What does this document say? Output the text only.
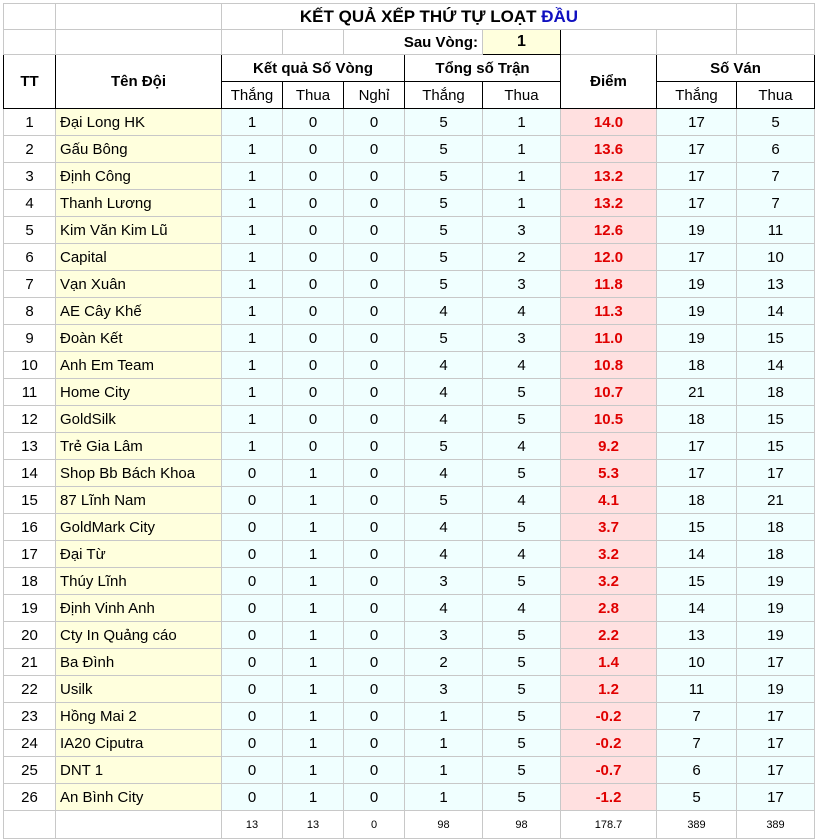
		KẾT QUẢ XẾP THỨ TỰ LOẠT ĐẦU							
				Sau Vòng:		1			
TT	Tên Đội	Kết quả Số Vòng			Tổng số Trận		Điểm	Số Ván	
		Thắng	Thua	Nghỉ	Thắng	Thua		Thắng	Thua
1	Đại Long HK	1	0	0	5	1	14.0	17	5
2	Gấu Bông	1	0	0	5	1	13.6	17	6
3	Định Công	1	0	0	5	1	13.2	17	7
4	Thanh Lương	1	0	0	5	1	13.2	17	7
5	Kim Văn Kim Lũ	1	0	0	5	3	12.6	19	11
6	Capital	1	0	0	5	2	12.0	17	10
7	Vạn Xuân	1	0	0	5	3	11.8	19	13
8	AE Cây Khế	1	0	0	4	4	11.3	19	14
9	Đoàn Kết	1	0	0	5	3	11.0	19	15
10	Anh Em Team	1	0	0	4	4	10.8	18	14
11	Home City	1	0	0	4	5	10.7	21	18
12	GoldSilk	1	0	0	4	5	10.5	18	15
13	Trẻ Gia Lâm	1	0	0	5	4	9.2	17	15
14	Shop Bb Bách Khoa	0	1	0	4	5	5.3	17	17
15	87 Lĩnh Nam	0	1	0	5	4	4.1	18	21
16	GoldMark City	0	1	0	4	5	3.7	15	18
17	Đại Từ	0	1	0	4	4	3.2	14	18
18	Thúy Lĩnh	0	1	0	3	5	3.2	15	19
19	Định Vinh Anh	0	1	0	4	4	2.8	14	19
20	Cty In Quảng cáo	0	1	0	3	5	2.2	13	19
21	Ba Đình	0	1	0	2	5	1.4	10	17
22	Usilk	0	1	0	3	5	1.2	11	19
23	Hồng Mai 2	0	1	0	1	5	-0.2	7	17
24	IA20 Ciputra	0	1	0	1	5	-0.2	7	17
25	DNT 1	0	1	0	1	5	-0.7	6	17
26	An Bình City	0	1	0	1	5	-1.2	5	17
		13	13	0	98	98	178.7	389	389
